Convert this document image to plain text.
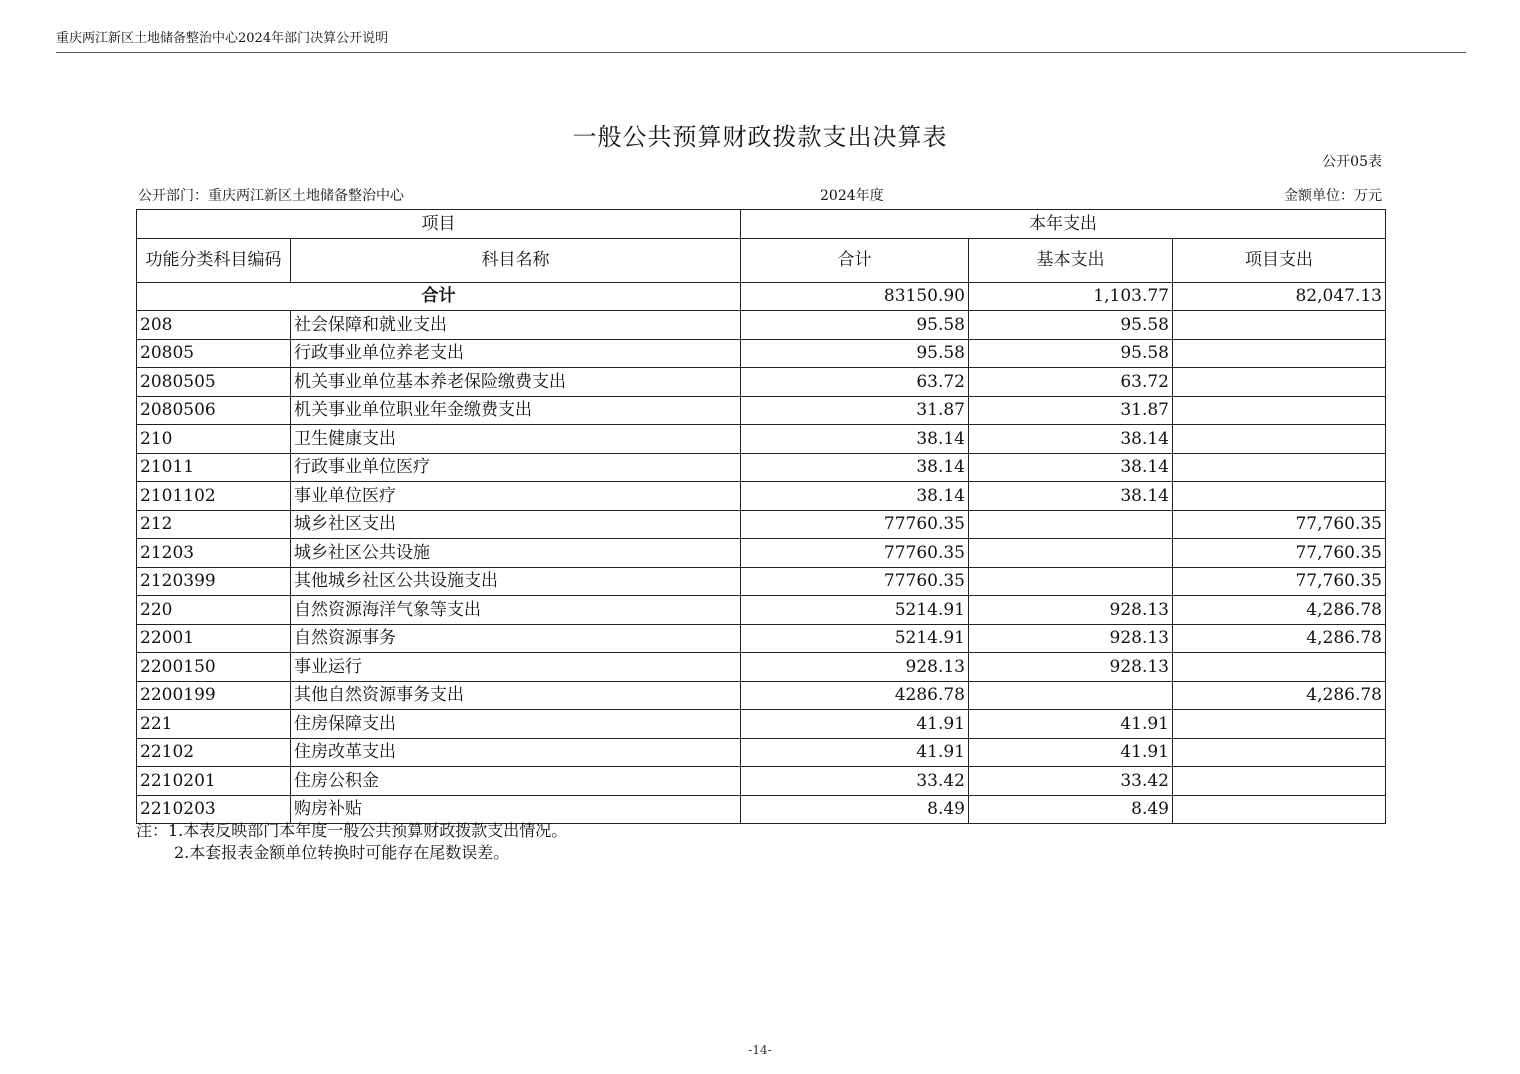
重庆两江新区土地储备整治中心2024年部门决算公开说明
一般公共预算财政拨款支出决算表
公开05表
公开部门：重庆两江新区土地储备整治中心	2024年度	金额单位：万元
项目		本年支出		
功能分类科目编码	科目名称	合计	基本支出	项目支出
合计		83150.90	1,103.77	82,047.13
208	社会保障和就业支出	95.58	95.58	
20805	行政事业单位养老支出	95.58	95.58	
2080505	机关事业单位基本养老保险缴费支出	63.72	63.72	
2080506	机关事业单位职业年金缴费支出	31.87	31.87	
210	卫生健康支出	38.14	38.14	
21011	行政事业单位医疗	38.14	38.14	
2101102	事业单位医疗	38.14	38.14	
212	城乡社区支出	77760.35		77,760.35
21203	城乡社区公共设施	77760.35		77,760.35
2120399	其他城乡社区公共设施支出	77760.35		77,760.35
220	自然资源海洋气象等支出	5214.91	928.13	4,286.78
22001	自然资源事务	5214.91	928.13	4,286.78
2200150	事业运行	928.13	928.13	
2200199	其他自然资源事务支出	4286.78		4,286.78
221	住房保障支出	41.91	41.91	
22102	住房改革支出	41.91	41.91	
2210201	住房公积金	33.42	33.42	
2210203	购房补贴	8.49	8.49	
注：1.本表反映部门本年度一般公共预算财政拨款支出情况。
2.本套报表金额单位转换时可能存在尾数误差。
-14-
